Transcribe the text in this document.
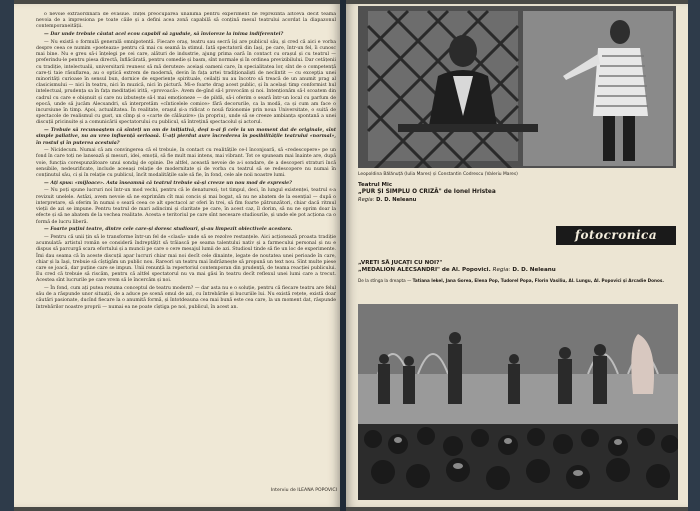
o nevoie extraordinară de evasiue. Iniței preocuparea unanimă pentru experiment ne reprezintă altceva decît teamă nevoia de a impresiona pe toate căile și a defini acea zonă capabilă să conțină mesul teatrului acordat la diapazonul contemporaneității.

— Dar unde trebuie căutat acel ecou capabil să zguduie, să învioreze la inima indiferentei?

— Nu există o formulă generală omnipotentă. Fiecare oraș, teatru sau secră își are publicul său, și cred că aici e vorba despre ceea ce numim «poeteaza» pentru că mai cu seamă la stimul. Iată spectatorii din Iași, pe care, într-un fel, îi cunosc mai bine. Nu e greu să-i înțelegi pe cei care, alături de industrie, ajung prima oară în contact cu orașul și cu teatrul — preferindu-le pentru piesa directă, înflăcărată, pentru comedie și basm, sînt normale și în ordinea previzibilului. Dar cetățenii cu tradiție, intelectualii, universitarii reunesc să mă deruteze: aceiași oameni care, în specialitatea lor, sînt de o competență care-ți taie răsuflarea, au o optică extrem de modernă, devin în fața artei tradiționaliști de neclintit — cu excepția unei minorități curioase în sensul bun, dornice de experiențe spirituale, ceilalți nu au încotro să treacă de un anumit prag al clasicismului — nici în teatru, nici în muzică, nici în pictură. Mi-e foarte drag acest public, și în același timp conformist hul intelectual, prudența sa în fața meditației irită, «provoacă». Avem de-gînd să-l provocăm și noi. Intenționăm să-l scoatem din cadrul cu care e obișnuit și care nu izbutește să-l mai emoționeze — de pildă, să-i oferim o seară într-un local cu parfum de epocă, unde să jucăm Alecsandri, să interpretăm «cînticelele comice» fără decorurile, ca la modă, ca și cum am face o incursiune în timp. Apoi, actualitatea. În realitate, orașul și-a ridicat o nouă fizionomie prin noua Universitate, o suită de spectacole de realismul cu gust, un cîmp și o «carte de călăuzire» (la propriu), unde să se creeze ambianța spontană a unei discuții pricinuite și a comunicării spectatorului cu publicul, să întrețină spectacolul și actorul.

— Trebuie să recunoaștem că sînteți un om de inițiativă, deși n-ai fi cele la un moment dat de originale, sînt simple paliative, nu au vreo influență serioasă. U-ați pierdut aure încrederea în posibilitățile teatrului «normal», în rostul și în puterea acestuia?

— Nicidecum. Numai că am convingerea că el trebuie, în contact cu realitățile ce-l înconjoară, să «redescopere» pe un fond în care toți ne lansează și mesuri, idei, emoții, să fie mult mai intens, mai vibrant. Tot ce spuneam mai înainte are, după voie, funcția corespunzătoare unui sondaj de opinie. De altfel, această nevoie de a-i sondare, de a descoperi straturi încă sensibile, nedeurificate, include aceeași relație de modernitate și de vorba cu teatrul să se redescopere nu numai în conținutul său, ci și în relație cu publicul, încît modalitățile sale să fie, în fond, cele ale noii noastre lumi.

— Ați spus: «mijloace». Asta înseamnă că teatrul trebuie să-și creeze un nou mod de expresie?

— Nu poți spune lucruri noi într-un mod vechi, pentru că le denaturezi; tot timpul, deci, în lungul existenței, teatrul s-a revizuit unelele. Astăzi, avem nevoie să ne exprimăm cît mai concis și mai bogat, să nu ne abatem de la esențial — după o interpretare, să oferim în numai o seară ceea ce alt spectacol ar oferi în trei, să fim foarte pătrunzători, chiar dacă ritmul vieții de azi se impune. Pentru teatrul de mari adincimi și claritate pe care, în acest caz, îl dorim, să nu ne oprim doar la efecte și să ne abatem de la vechea realitate. Acesta e teritoriul pe care sînt necesare studiourile, și unde ele pot acționa ca o formă de lucru liberă.

— Foarte puțini teatre, dintre cele care-și doresc studiouri, și-au limpezit obiectivele acestora.

— Pentru că unii țin să le transforme într-un fel de «clasă» unde să se rezolve restanțele. Aici acționează proasta tradiție acumulată: artistul român se consideră îndreptățit să trăiască pe seama talentului nativ și a farmecului personal și nu e dispus să parcurgă scara efortului și a muncii pe care o cere mesajul lumii de azi. Studioul tinde să fie un loc de experimente. Îmi dau seama că în aceste discuții apar lucruri chiar mai noi decît cele dinainte, legate de noutatea unei perioade în care, chiar și la Iași, trebuie să cîștigăm un public nou. Rareori un teatru mai îndrăznește să propună un text nou. Sînt multe piese care se joacă, dar puține care se impun. Unii renunță la repertoriul contemporan din prudență, de teama reacției publicului. Eu cred că trebuie să riscăm, pentru că altfel spectatorul nu va mai găsi în teatru decît reflexul unei lumi care a trecut. Acestea sînt lucrurile pe care vrem să le încercăm și noi.

— În fond, cum ați putea rezuma conceptul de teatru modern? — dar asta nu e o soluție, pentru că fiecare teatru are felul său de a răspunde unor situații, de a aduce pe scenă omul de azi, cu întrebările și bucuriile lui. Nu există rețete, există doar căutări pasionate, ducînd fiecare la o anumită formă, și întotdeauna cea mai bună este cea care, la un moment dat, răspunde întrebărilor noastre proprii — numai ea ne poate cîștiga pe noi, publicul, în acest an.

Interviu de ILEANA POPOVICI
Leopoldina Bălănuță (Iulia Mares) și Constantin Codrescu (Valeriu Mares)
Teatrul Mic
„PUR ȘI SIMPLU O CRIZĂ" de Ionel Hristea
Regia: D. D. Neleanu
fotocronica
„VRETI SĂ JUCAȚI CU NOI?"
„MEDALION ALECSANDRI" de Al. Popovici. Regia: D. D. Neleanu
De la stînga la dreapta — Tatiana Iekel, Jana Gorea, Elena Pop, Tudorel Popa, Florin Vasiliu, Al. Lungu, Al. Popovici și Arcadie Donos.
